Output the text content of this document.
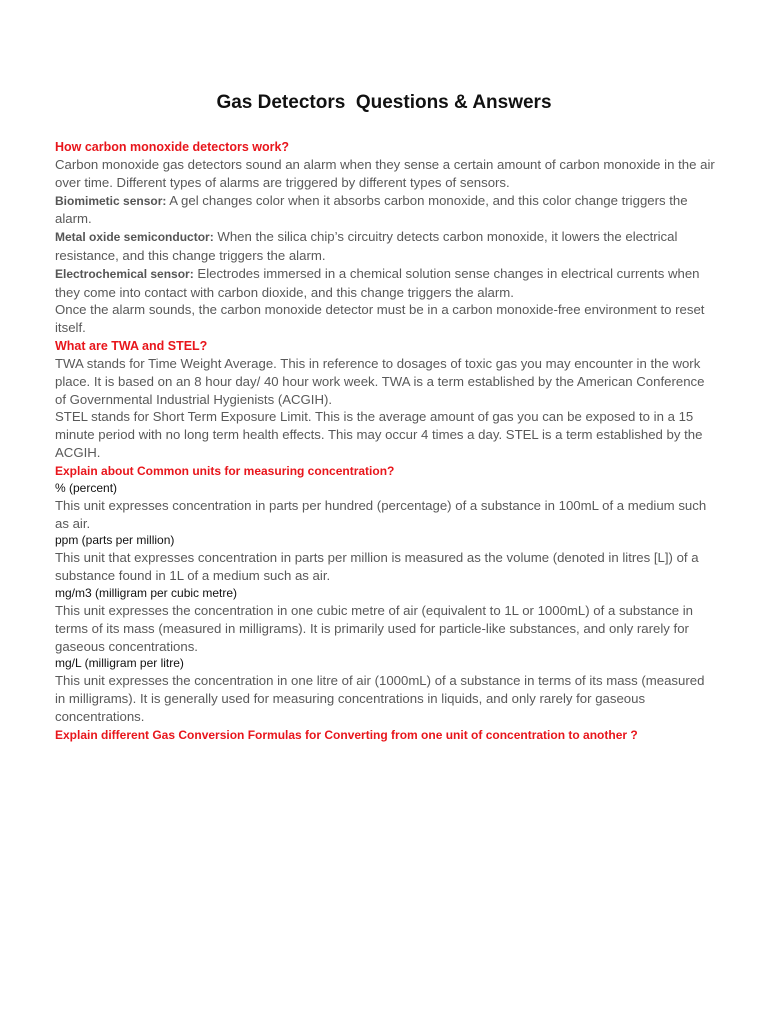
Gas Detectors  Questions & Answers

How carbon monoxide detectors work?

Carbon monoxide gas detectors sound an alarm when they sense a certain amount of carbon monoxide in the air over time. Different types of alarms are triggered by different types of sensors.

Biomimetic sensor: A gel changes color when it absorbs carbon monoxide, and this color change triggers the alarm.

Metal oxide semiconductor: When the silica chip’s circuitry detects carbon monoxide, it lowers the electrical resistance, and this change triggers the alarm.

Electrochemical sensor: Electrodes immersed in a chemical solution sense changes in electrical currents when they come into contact with carbon dioxide, and this change triggers the alarm.

Once the alarm sounds, the carbon monoxide detector must be in a carbon monoxide-free environment to reset itself.

What are TWA and STEL?

TWA stands for Time Weight Average. This in reference to dosages of toxic gas you may encounter in the work place. It is based on an 8 hour day/ 40 hour work week. TWA is a term established by the American Conference of Governmental Industrial Hygienists (ACGIH).

STEL stands for Short Term Exposure Limit. This is the average amount of gas you can be exposed to in a 15 minute period with no long term health effects. This may occur 4 times a day. STEL is a term established by the ACGIH.

Explain about Common units for measuring concentration?

% (percent)

This unit expresses concentration in parts per hundred (percentage) of a substance in 100mL of a medium such as air.

ppm (parts per million)

This unit that expresses concentration in parts per million is measured as the volume (denoted in litres [L]) of a substance found in 1L of a medium such as air.

mg/m3 (milligram per cubic metre)

This unit expresses the concentration in one cubic metre of air (equivalent to 1L or 1000mL) of a substance in terms of its mass (measured in milligrams). It is primarily used for particle-like substances, and only rarely for gaseous concentrations.

mg/L (milligram per litre)

This unit expresses the concentration in one litre of air (1000mL) of a substance in terms of its mass (measured in milligrams). It is generally used for measuring concentrations in liquids, and only rarely for gaseous concentrations.

Explain different Gas Conversion Formulas for Converting from one unit of concentration to another ?
